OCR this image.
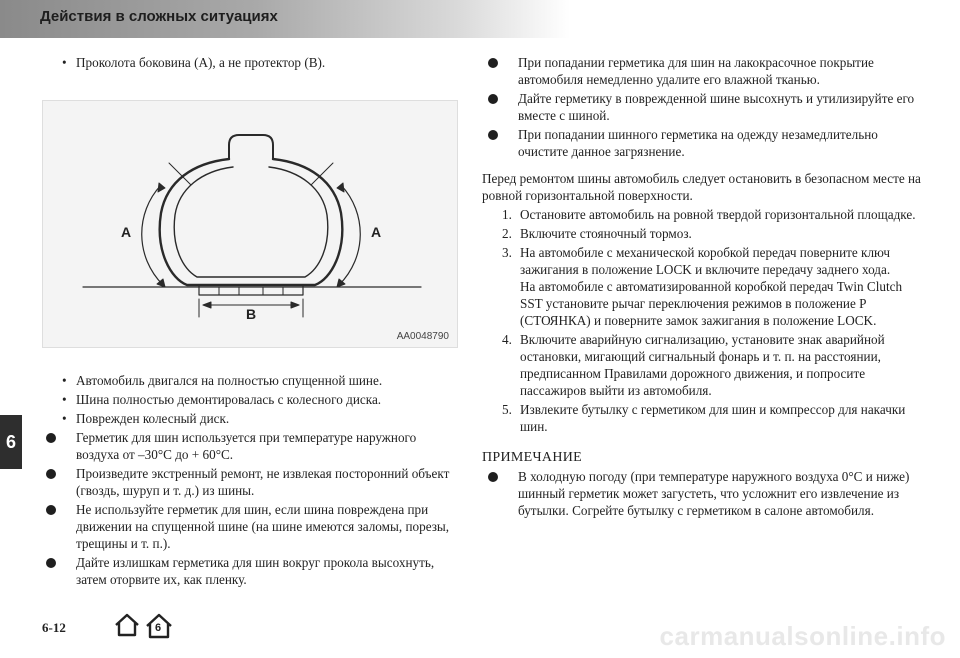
Действия в сложных ситуациях
• Проколота боковина (А), а не протектор (В).
A	A
B
AA0048790
• Автомобиль двигался на полностью спущенной шине.
• Шина полностью демонтировалась с колесного диска.
• Поврежден колесный диск.
Герметик для шин используется при температуре наружного воздуха от –30°С до + 60°С.
Произведите экстренный ремонт, не извлекая посторонний объект (гвоздь, шуруп и т. д.) из шины.
Не используйте герметик для шин, если шина повреждена при движении на спущенной шине (на шине имеются заломы, порезы, трещины и т. п.).
Дайте излишкам герметика для шин вокруг прокола высохнуть, затем оторвите их, как пленку.
При попадании герметика для шин на лакокрасочное покрытие автомобиля немедленно удалите его влажной тканью.
Дайте герметику в поврежденной шине высохнуть и утилизируйте его вместе с шиной.
При попадании шинного герметика на одежду незамедлительно очистите данное загрязнение.
Перед ремонтом шины автомобиль следует остановить в безопасном месте на ровной горизонтальной поверхности.
1. Остановите автомобиль на ровной твердой горизонтальной площадке.
2. Включите стояночный тормоз.
3. На автомобиле с механической коробкой передач поверните ключ зажигания в положение LOCK и включите передачу заднего хода.
На автомобиле с автоматизированной коробкой передач Twin Clutch SST установите рычаг переключения режимов в положение P (СТОЯНКА) и поверните замок зажигания в положение LOCK.
4. Включите аварийную сигнализацию, установите знак аварийной остановки, мигающий сигнальный фонарь и т. п. на расстоянии, предписанном Правилами дорожного движения, и попросите пассажиров выйти из автомобиля.
5. Извлеките бутылку с герметиком для шин и компрессор для накачки шин.
ПРИМЕЧАНИЕ
В холодную погоду (при температуре наружного воздуха 0°С и ниже) шинный герметик может загустеть, что усложнит его извлечение из бутылки. Согрейте бутылку с герметиком в салоне автомобиля.
6
6-12	6	carmanualsonline.info
